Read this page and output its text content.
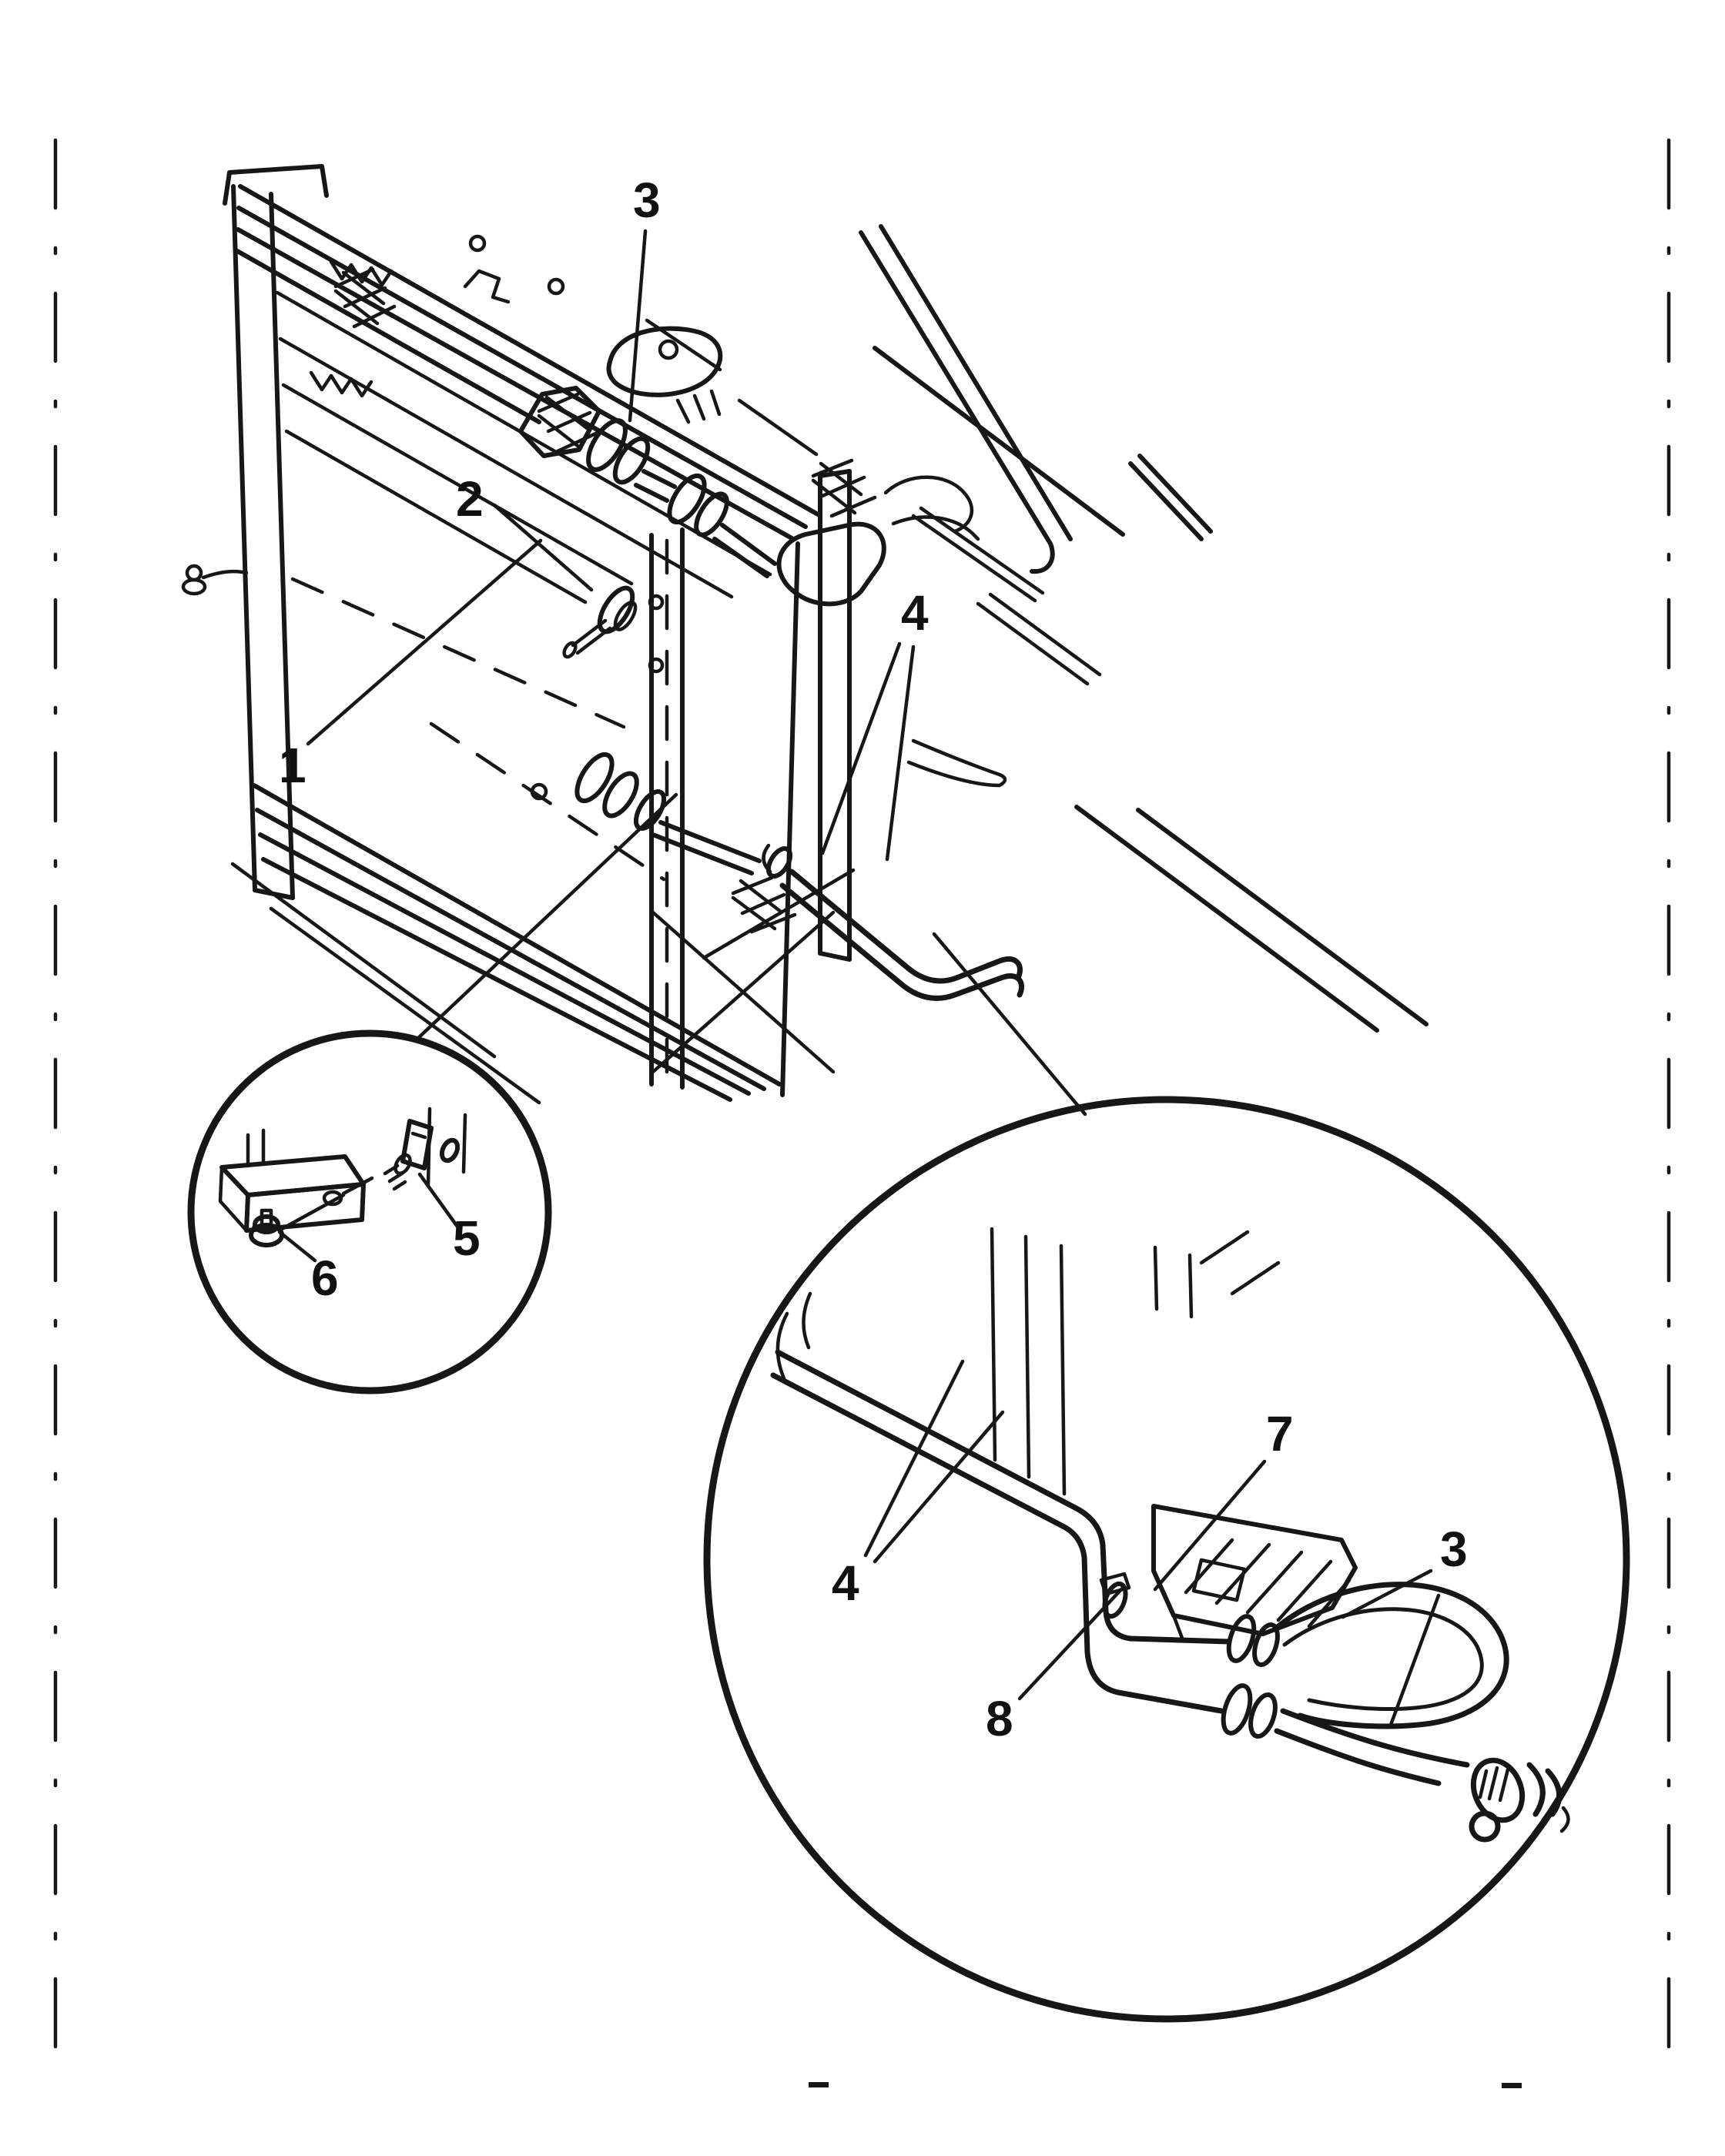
1
2
3
4
5
6
4
7
8
3
